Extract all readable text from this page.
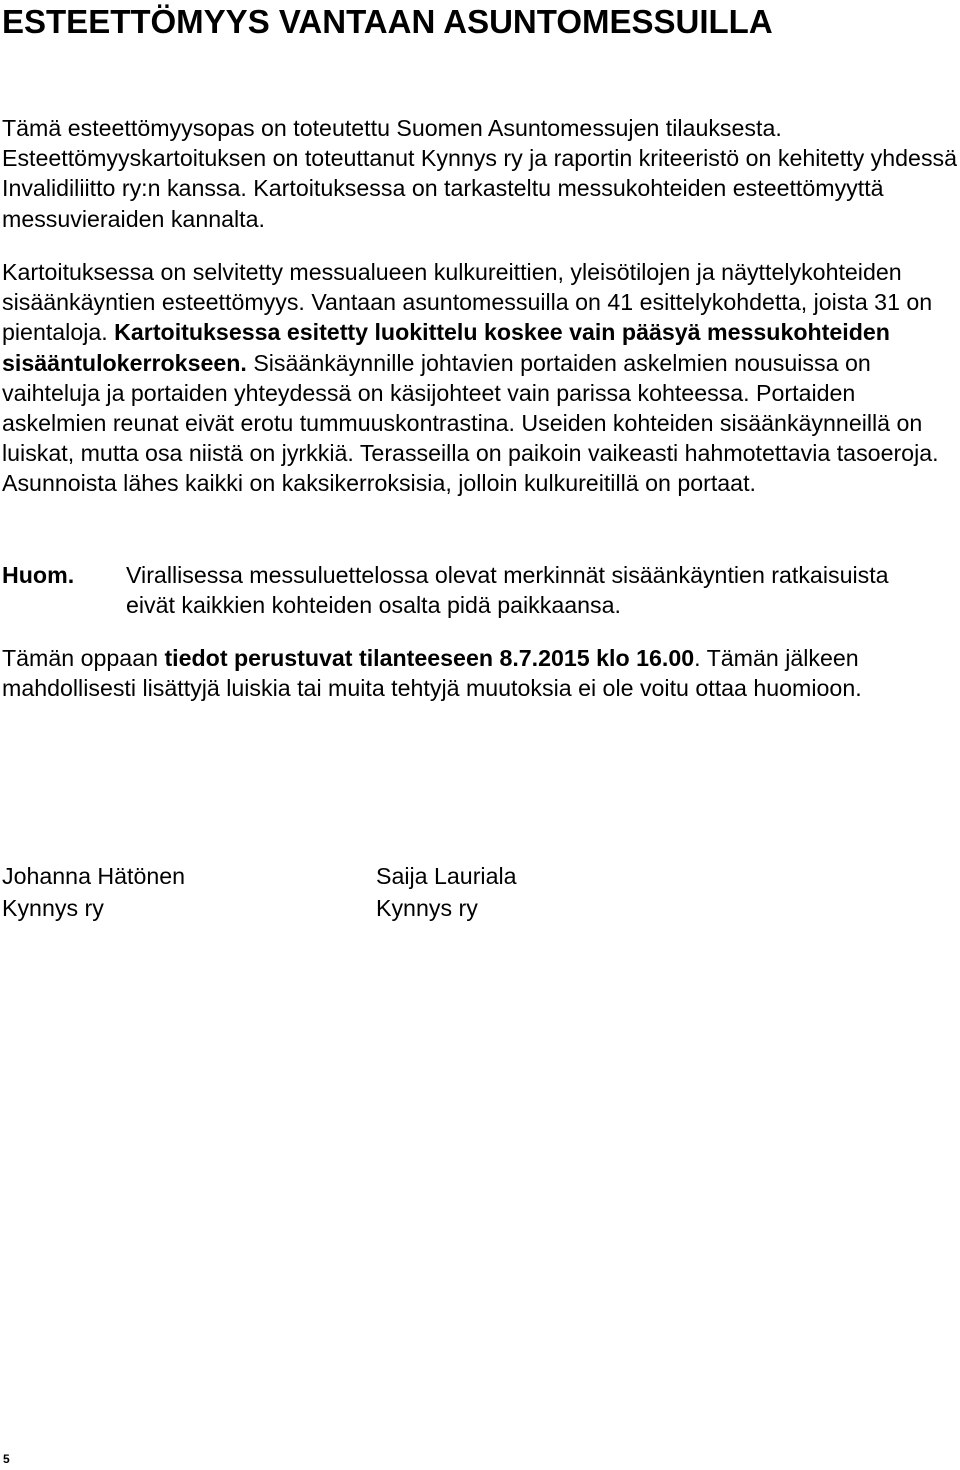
ESTEETTÖMYYS VANTAAN ASUNTOMESSUILLA

Tämä esteettömyysopas on toteutettu Suomen Asuntomessujen tilauksesta. Esteettömyyskartoituksen on toteuttanut Kynnys ry ja raportin kriteeristö on kehitetty yhdessä Invalidiliitto ry:n kanssa. Kartoituksessa on tarkasteltu messukohteiden esteettömyyttä messuvieraiden kannalta.

Kartoituksessa on selvitetty messualueen kulkureittien, yleisötilojen ja näyttelykohteiden sisäänkäyntien esteettömyys. Vantaan asuntomessuilla on 41 esittelykohdetta, joista 31 on pientaloja. Kartoituksessa esitetty luokittelu koskee vain pääsyä messukohteiden sisääntulokerrokseen. Sisäänkäynnille johtavien portaiden askelmien nousuissa on vaihteluja ja portaiden yhteydessä on käsijohteet vain parissa kohteessa. Portaiden askelmien reunat eivät erotu tummuuskontrastina. Useiden kohteiden sisäänkäynneillä on luiskat, mutta osa niistä on jyrkkiä. Terasseilla on paikoin vaikeasti hahmotettavia tasoeroja. Asunnoista lähes kaikki on kaksikerroksisia, jolloin kulkureitillä on portaat.

Huom. Virallisessa messuluettelossa olevat merkinnät sisäänkäyntien ratkaisuista eivät kaikkien kohteiden osalta pidä paikkaansa.

Tämän oppaan tiedot perustuvat tilanteeseen 8.7.2015 klo 16.00. Tämän jälkeen mahdollisesti lisättyjä luiskia tai muita tehtyjä muutoksia ei ole voitu ottaa huomioon.

Johanna Hätönen
Kynnys ry
Saija Lauriala
Kynnys ry
5
